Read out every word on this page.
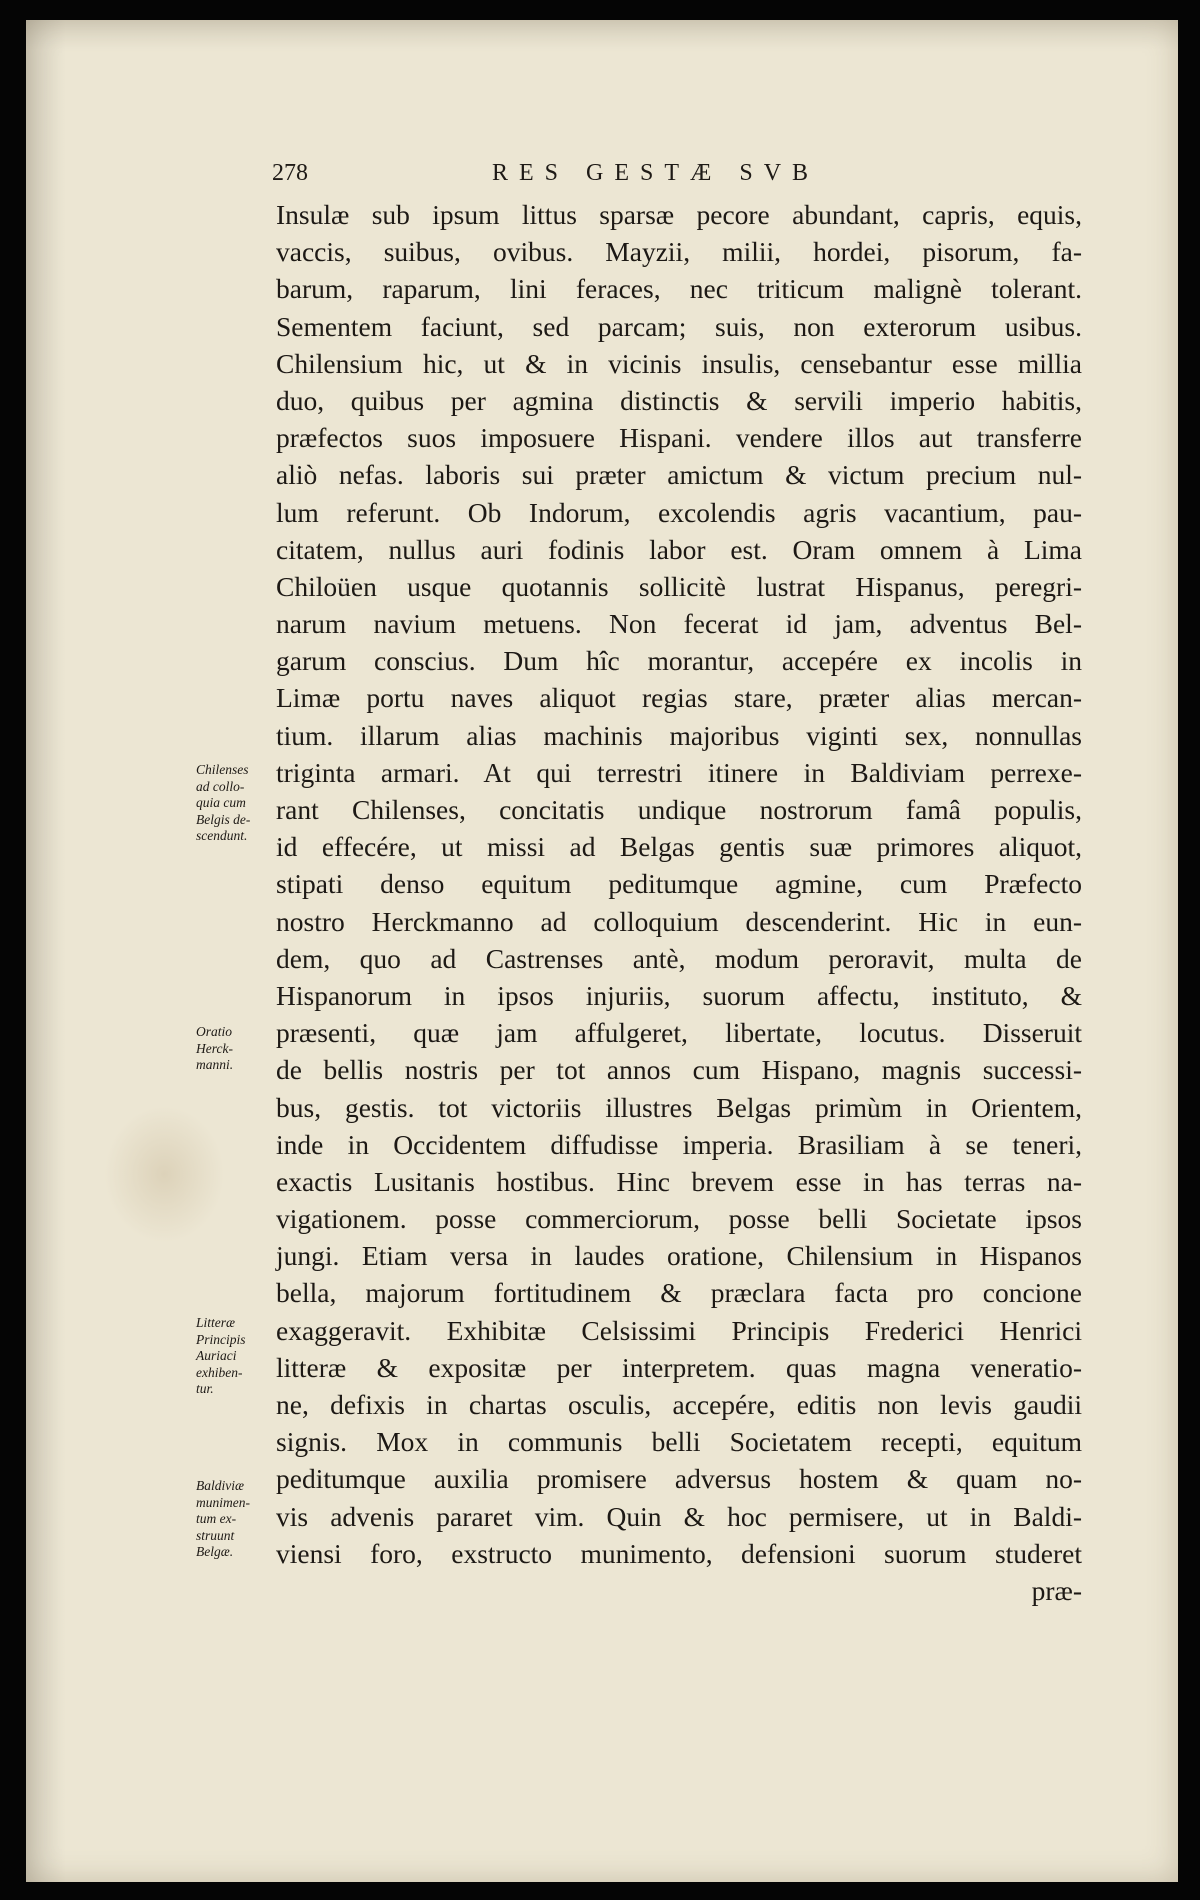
278	RES GESTÆ SVB
Insulæ sub ipsum littus sparsæ pecore abundant, capris, equis,
vaccis, suibus, ovibus. Mayzii, milii, hordei, pisorum, fa-
barum, raparum, lini feraces, nec triticum malignè tolerant.
Sementem faciunt, sed parcam; suis, non exterorum usibus.
Chilensium hic, ut & in vicinis insulis, censebantur esse millia
duo, quibus per agmina distinctis & servili imperio habitis,
præfectos suos imposuere Hispani. vendere illos aut transferre
aliò nefas. laboris sui præter amictum & victum precium nul-
lum referunt. Ob Indorum, excolendis agris vacantium, pau-
citatem, nullus auri fodinis labor est. Oram omnem à Lima
Chiloüen usque quotannis sollicitè lustrat Hispanus, peregri-
narum navium metuens. Non fecerat id jam, adventus Bel-
garum conscius. Dum hîc morantur, accepére ex incolis in
Limæ portu naves aliquot regias stare, præter alias mercan-
tium. illarum alias machinis majoribus viginti sex, nonnullas
triginta armari. At qui terrestri itinere in Baldiviam perrexe-
rant Chilenses, concitatis undique nostrorum famâ populis,
id effecére, ut missi ad Belgas gentis suæ primores aliquot,
stipati denso equitum peditumque agmine, cum Præfecto
nostro Herckmanno ad colloquium descenderint. Hic in eun-
dem, quo ad Castrenses antè, modum peroravit, multa de
Hispanorum in ipsos injuriis, suorum affectu, instituto, &
præsenti, quæ jam affulgeret, libertate, locutus. Disseruit
de bellis nostris per tot annos cum Hispano, magnis successi-
bus, gestis. tot victoriis illustres Belgas primùm in Orientem,
inde in Occidentem diffudisse imperia. Brasiliam à se teneri,
exactis Lusitanis hostibus. Hinc brevem esse in has terras na-
vigationem. posse commerciorum, posse belli Societate ipsos
jungi. Etiam versa in laudes oratione, Chilensium in Hispanos
bella, majorum fortitudinem & præclara facta pro concione
exaggeravit. Exhibitæ Celsissimi Principis Frederici Henrici
litteræ & expositæ per interpretem. quas magna veneratio-
ne, defixis in chartas osculis, accepére, editis non levis gaudii
signis. Mox in communis belli Societatem recepti, equitum
peditumque auxilia promisere adversus hostem & quam no-
vis advenis pararet vim. Quin & hoc permisere, ut in Baldi-
viensi foro, exstructo munimento, defensioni suorum studeret
præ-
Chilenses
ad collo-
quia cum
Belgis de-
scendunt.
Oratio
Herck-
manni.
Litteræ
Principis
Auriaci
exhiben-
tur.
Baldiviæ
munimen-
tum ex-
struunt
Belgæ.
